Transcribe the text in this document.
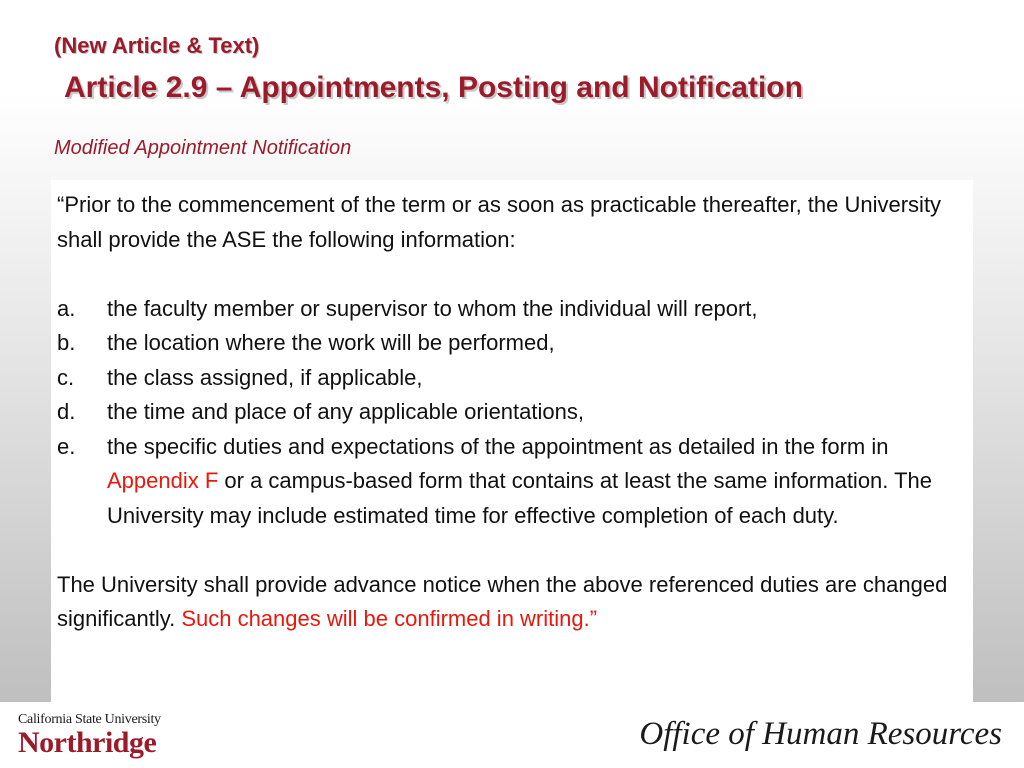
(New Article & Text)
Article 2.9 – Appointments, Posting and Notification
Modified Appointment Notification

“Prior to the commencement of the term or as soon as practicable thereafter, the University shall provide the ASE the following information:

a. the faculty member or supervisor to whom the individual will report,
b. the location where the work will be performed,
c. the class assigned, if applicable,
d. the time and place of any applicable orientations,
e. the specific duties and expectations of the appointment as detailed in the form in Appendix F or a campus-based form that contains at least the same information. The University may include estimated time for effective completion of each duty.

The University shall provide advance notice when the above referenced duties are changed significantly. Such changes will be confirmed in writing.”

California State University
Northridge	Office of Human Resources
